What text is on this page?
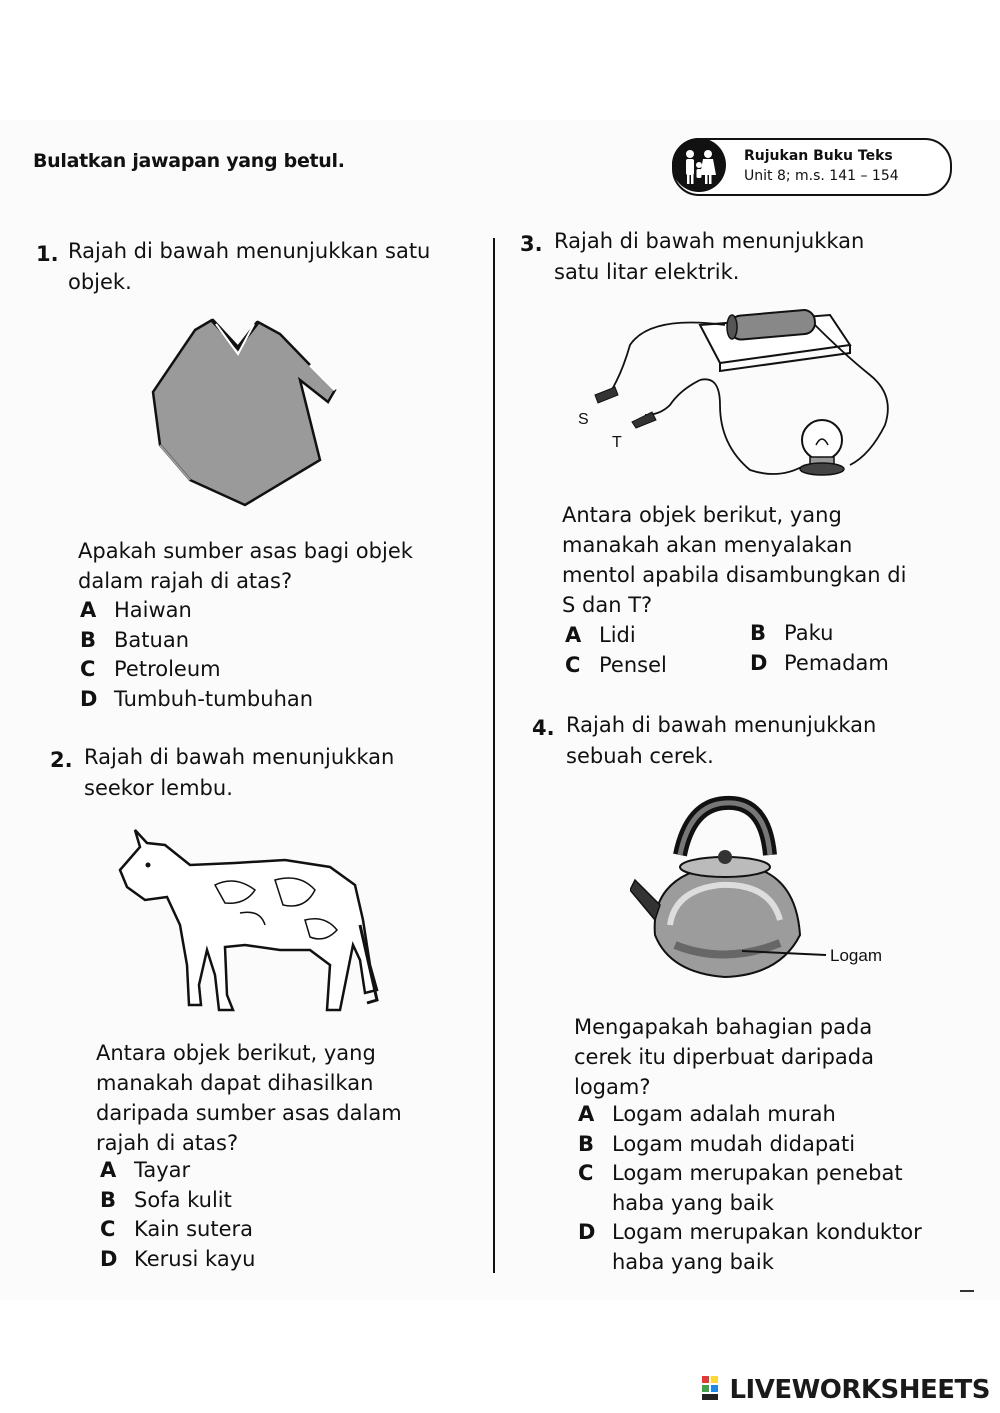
Bulatkan jawapan yang betul.	Rujukan Buku Teks
Unit 8; m.s. 141 – 154
1. Rajah di bawah menunjukkan satu
objek.
Apakah sumber asas bagi objek
dalam rajah di atas?
A Haiwan
B Batuan
C Petroleum
D Tumbuh-tumbuhan
2. Rajah di bawah menunjukkan
seekor lembu.
Antara objek berikut, yang
manakah dapat dihasilkan
daripada sumber asas dalam
rajah di atas?
A Tayar
B Sofa kulit
C Kain sutera
D Kerusi kayu
3. Rajah di bawah menunjukkan
satu litar elektrik.
S
T
Antara objek berikut, yang
manakah akan menyalakan
mentol apabila disambungkan di
S dan T?
A Lidi
C Pensel
B Paku
D Pemadam
4. Rajah di bawah menunjukkan
sebuah cerek.
Logam
Mengapakah bahagian pada
cerek itu diperbuat daripada
logam?
A Logam adalah murah
B Logam mudah didapati
C Logam merupakan penebat
haba yang baik
D Logam merupakan konduktor
haba yang baik
LIVEWORKSHEETS
